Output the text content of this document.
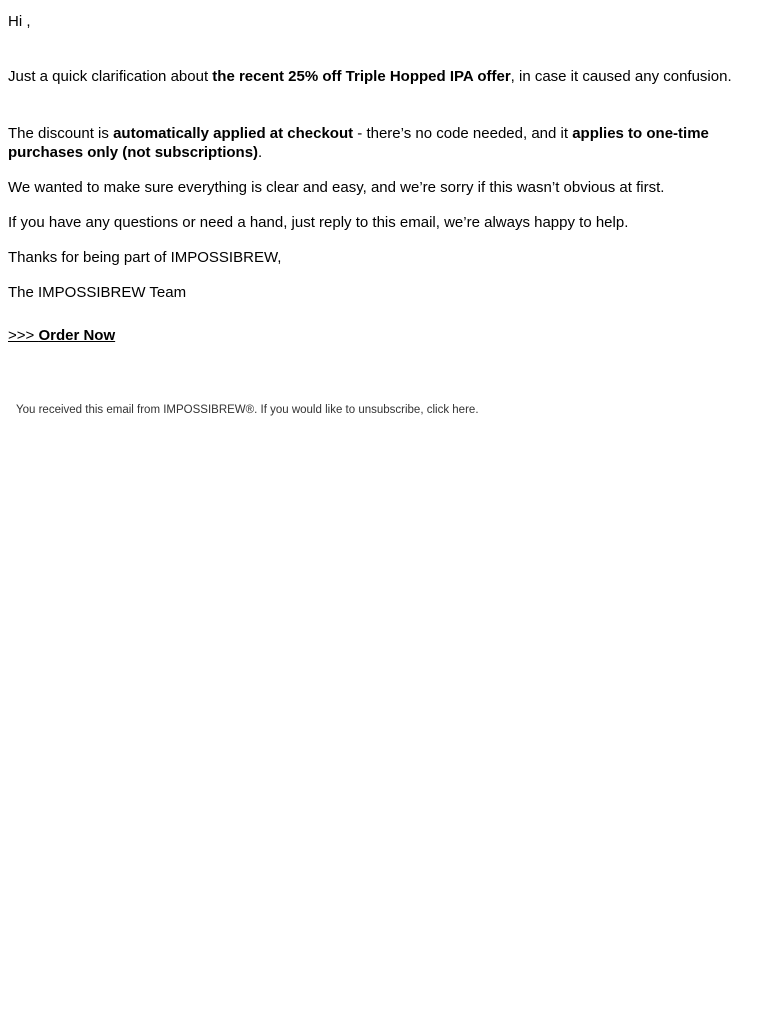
Hi ,

Just a quick clarification about the recent 25% off Triple Hopped IPA offer, in case it caused any confusion.

The discount is automatically applied at checkout - there’s no code needed, and it applies to one-time purchases only (not subscriptions).

We wanted to make sure everything is clear and easy, and we’re sorry if this wasn’t obvious at first.

If you have any questions or need a hand, just reply to this email, we’re always happy to help.

Thanks for being part of IMPOSSIBREW,

The IMPOSSIBREW Team

>>> Order Now

You received this email from IMPOSSIBREW®. If you would like to unsubscribe, click here.
